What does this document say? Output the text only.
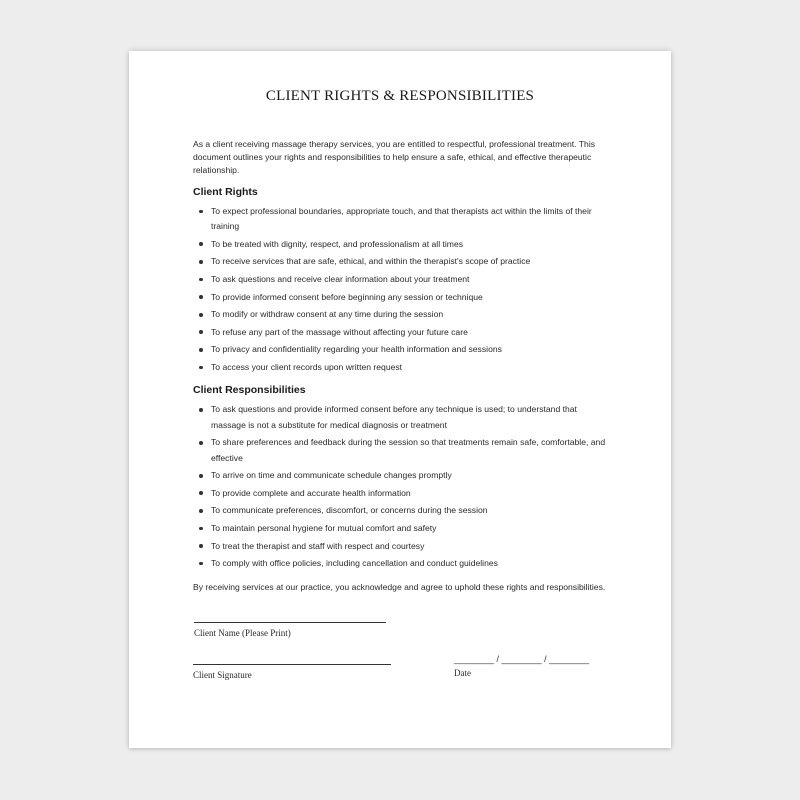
CLIENT RIGHTS & RESPONSIBILITIES

As a client receiving massage therapy services, you are entitled to respectful, professional treatment. This document outlines your rights and responsibilities to help ensure a safe, ethical, and effective therapeutic relationship.

Client Rights
To expect professional boundaries, appropriate touch, and that therapists act within the limits of their training
To be treated with dignity, respect, and professionalism at all times
To receive services that are safe, ethical, and within the therapist's scope of practice
To ask questions and receive clear information about your treatment
To provide informed consent before beginning any session or technique
To modify or withdraw consent at any time during the session
To refuse any part of the massage without affecting your future care
To privacy and confidentiality regarding your health information and sessions
To access your client records upon written request
Client Responsibilities
To ask questions and provide informed consent before any technique is used; to understand that massage is not a substitute for medical diagnosis or treatment
To share preferences and feedback during the session so that treatments remain safe, comfortable, and effective
To arrive on time and communicate schedule changes promptly
To provide complete and accurate health information
To communicate preferences, discomfort, or concerns during the session
To maintain personal hygiene for mutual comfort and safety
To treat the therapist and staff with respect and courtesy
To comply with office policies, including cancellation and conduct guidelines

By receiving services at our practice, you acknowledge and agree to uphold these rights and responsibilities.

Client Name (Please Print)
Client Signature
________ / ________ / ________
Date
